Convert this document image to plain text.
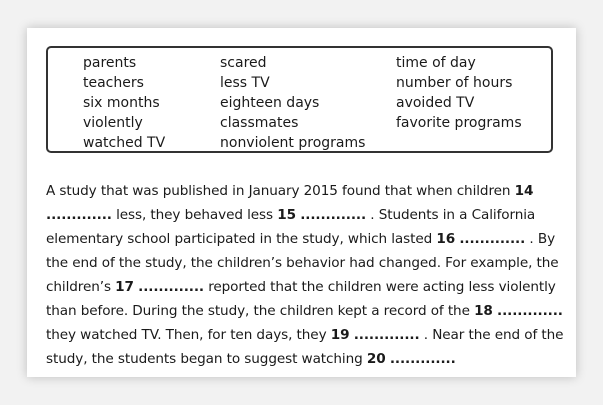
parents
teachers
six months
violently
watched TV
scared
less TV
eighteen days
classmates
nonviolent programs
time of day
number of hours
avoided TV
favorite programs
A study that was published in January 2015 found that when children 14
............. less, they behaved less 15 ............. . Students in a California
elementary school participated in the study, which lasted 16 ............. . By
the end of the study, the children’s behavior had changed. For example, the
children’s 17 ............. reported that the children were acting less violently
than before. During the study, the children kept a record of the 18 .............
they watched TV. Then, for ten days, they 19 ............. . Near the end of the
study, the students began to suggest watching 20 .............
